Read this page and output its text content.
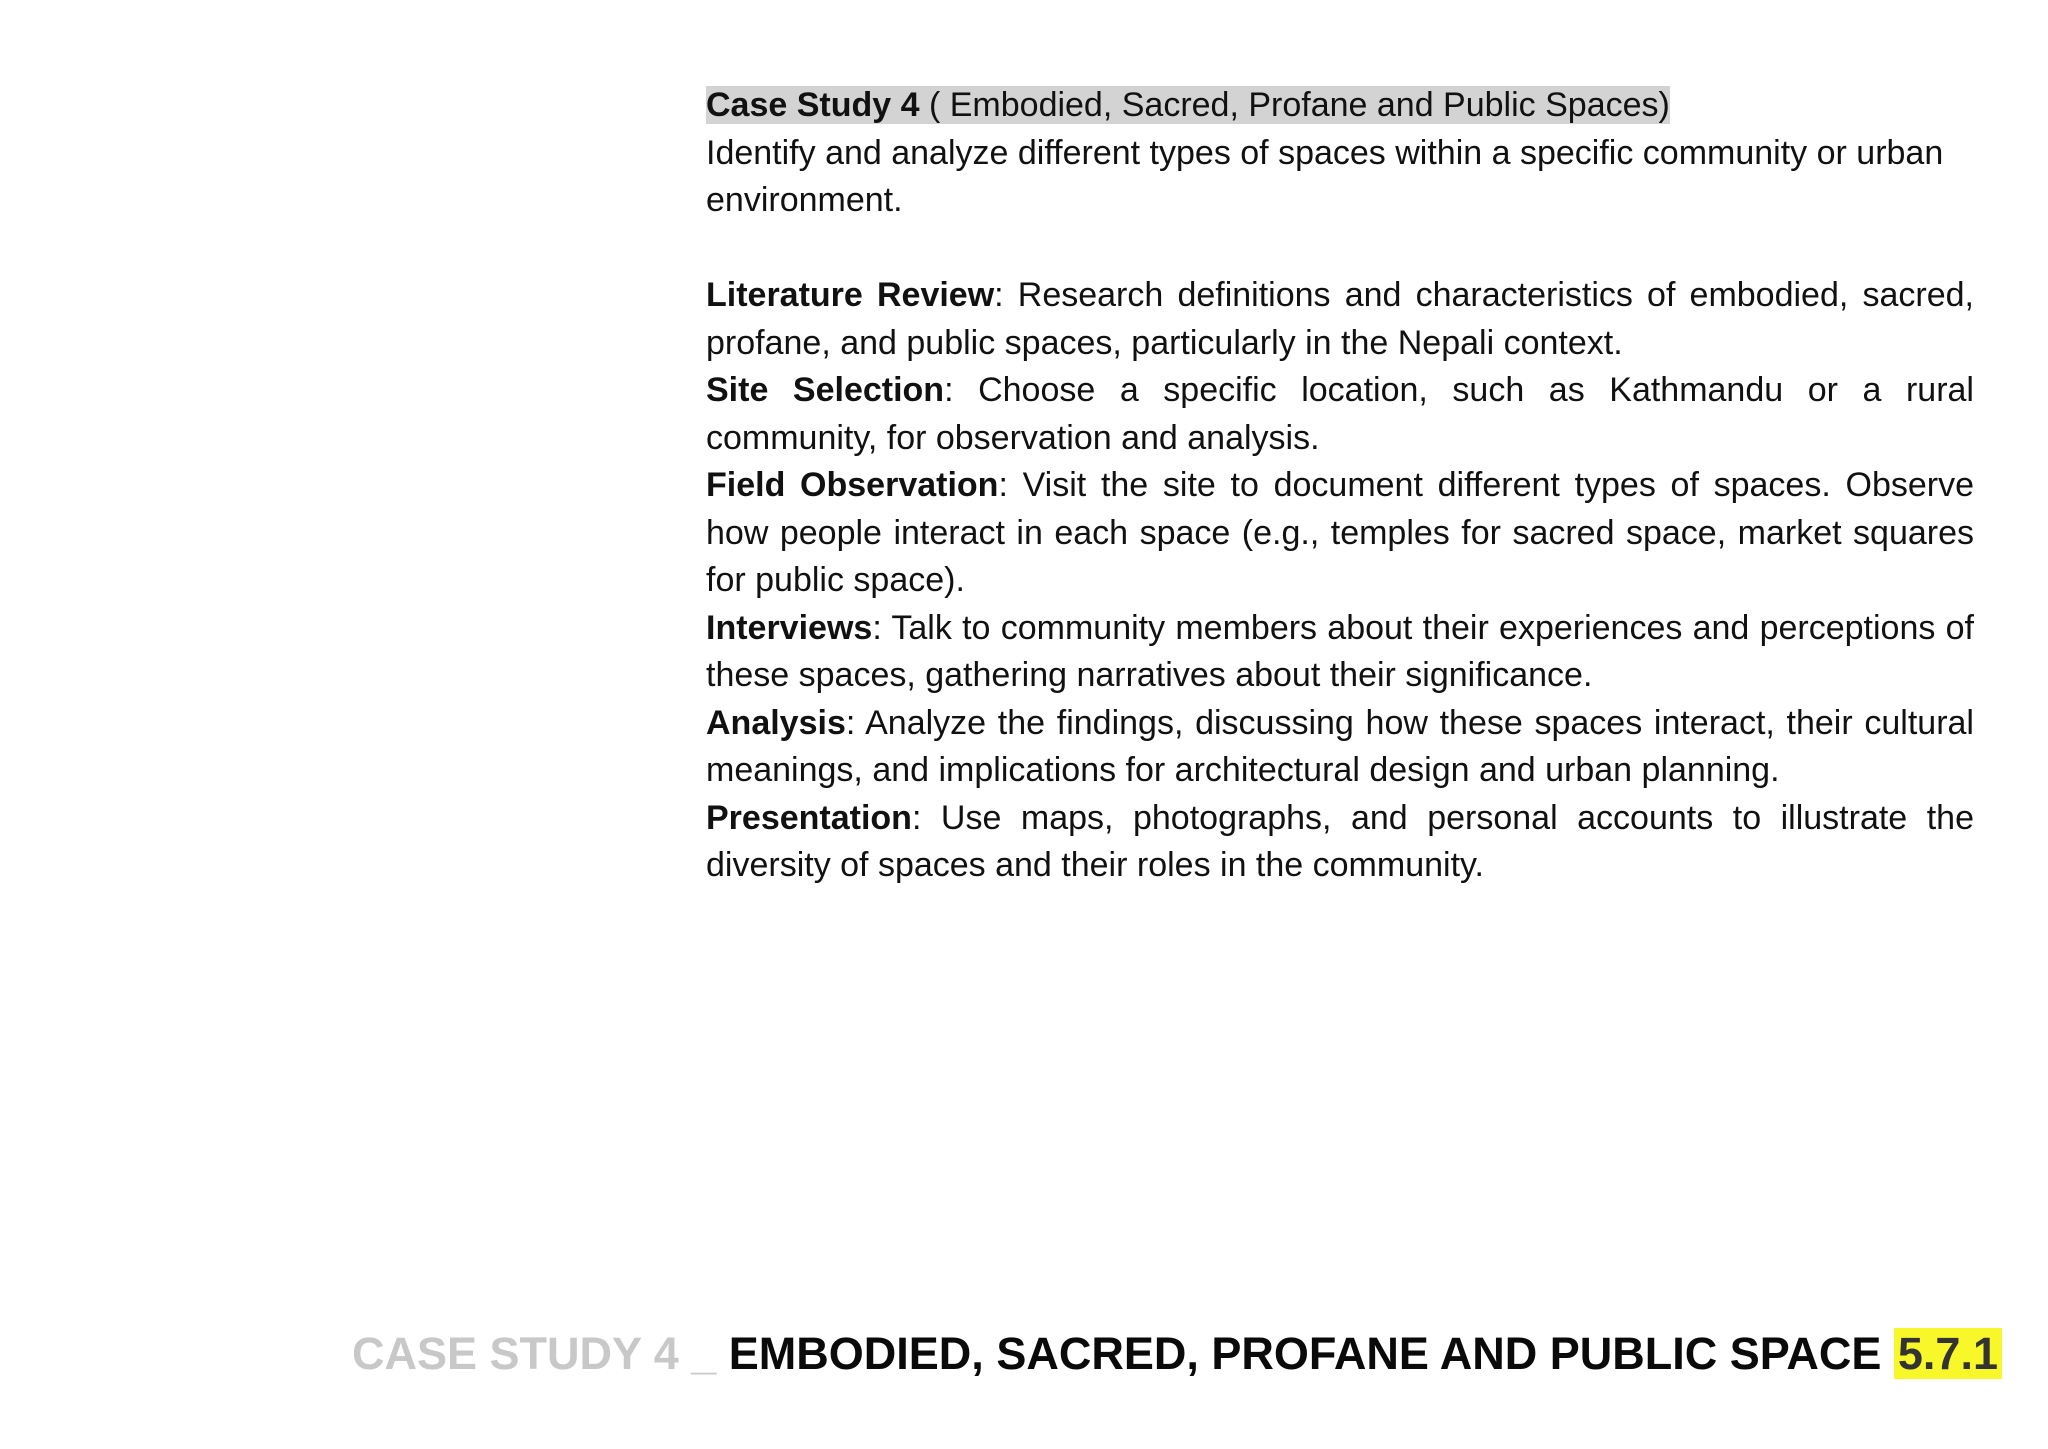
Case Study 4 ( Embodied, Sacred, Profane and Public Spaces)

Identify and analyze different types of spaces within a specific community or urban environment.

Literature Review: Research definitions and characteristics of embodied, sacred, profane, and public spaces, particularly in the Nepali context.

Site Selection: Choose a specific location, such as Kathmandu or a rural community, for observation and analysis.

Field Observation: Visit the site to document different types of spaces. Observe how people interact in each space (e.g., temples for sacred space, market squares for public space).

Interviews: Talk to community members about their experiences and perceptions of these spaces, gathering narratives about their significance.

Analysis: Analyze the findings, discussing how these spaces interact, their cultural meanings, and implications for architectural design and urban planning.

Presentation: Use maps, photographs, and personal accounts to illustrate the diversity of spaces and their roles in the community.

CASE STUDY 4 _ EMBODIED, SACRED, PROFANE AND PUBLIC SPACE 5.7.1
